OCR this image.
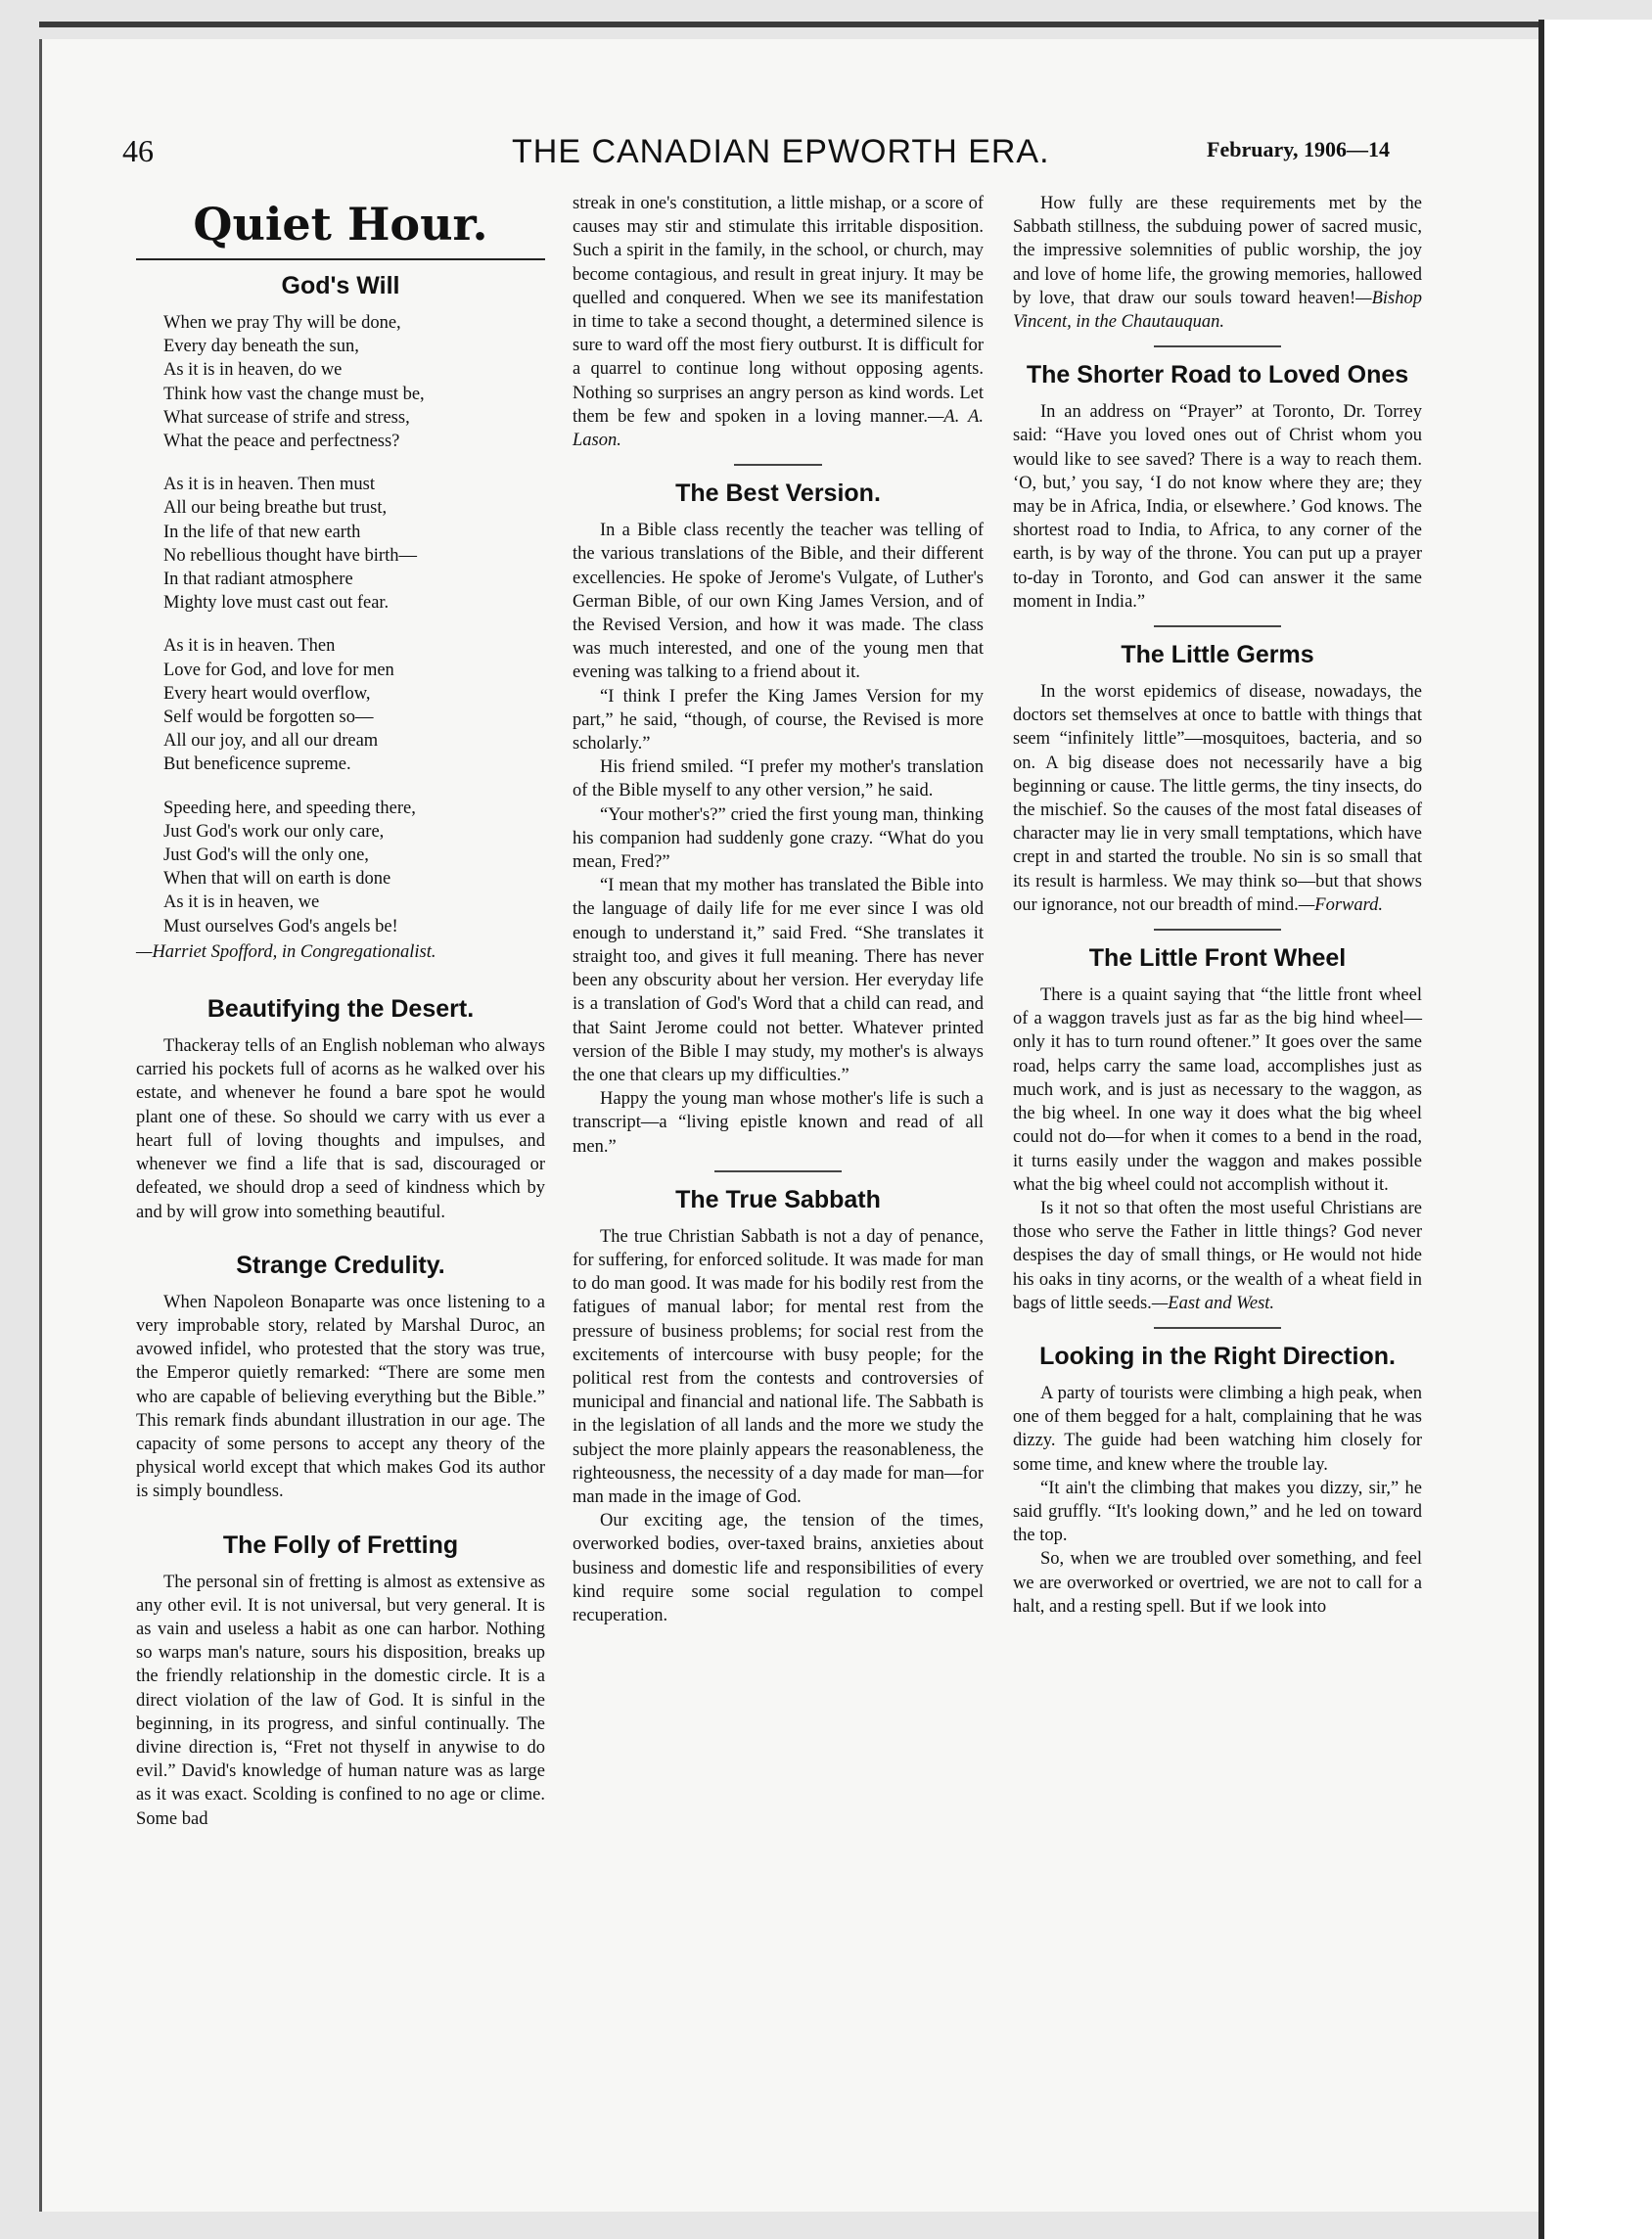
46	THE CANADIAN EPWORTH ERA.	February, 1906—14
Quiet Hour.
God's Will
When we pray Thy will be done,
Every day beneath the sun,
As it is in heaven, do we
Think how vast the change must be,
What surcease of strife and stress,
What the peace and perfectness?
As it is in heaven. Then must
All our being breathe but trust,
In the life of that new earth
No rebellious thought have birth—
In that radiant atmosphere
Mighty love must cast out fear.
As it is in heaven. Then
Love for God, and love for men
Every heart would overflow,
Self would be forgotten so—
All our joy, and all our dream
But beneficence supreme.
Speeding here, and speeding there,
Just God's work our only care,
Just God's will the only one,
When that will on earth is done
As it is in heaven, we
Must ourselves God's angels be!
—Harriet Spofford, in Congregationalist.
Beautifying the Desert.

Thackeray tells of an English nobleman who always carried his pockets full of acorns as he walked over his estate, and whenever he found a bare spot he would plant one of these. So should we carry with us ever a heart full of loving thoughts and impulses, and whenever we find a life that is sad, discouraged or defeated, we should drop a seed of kindness which by and by will grow into something beautiful.

Strange Credulity.

When Napoleon Bonaparte was once listening to a very improbable story, related by Marshal Duroc, an avowed infidel, who protested that the story was true, the Emperor quietly remarked: “There are some men who are capable of believing everything but the Bible.” This remark finds abundant illustration in our age. The capacity of some persons to accept any theory of the physical world except that which makes God its author is simply boundless.

The Folly of Fretting

The personal sin of fretting is almost as extensive as any other evil. It is not universal, but very general. It is as vain and useless a habit as one can harbor. Nothing so warps man's nature, sours his disposition, breaks up the friendly relationship in the domestic circle. It is a direct violation of the law of God. It is sinful in the beginning, in its progress, and sinful continually. The divine direction is, “Fret not thyself in anywise to do evil.” David's knowledge of human nature was as large as it was exact. Scolding is confined to no age or clime. Some bad

streak in one's constitution, a little mishap, or a score of causes may stir and stimulate this irritable disposition. Such a spirit in the family, in the school, or church, may become contagious, and result in great injury. It may be quelled and conquered. When we see its manifestation in time to take a second thought, a determined silence is sure to ward off the most fiery outburst. It is difficult for a quarrel to continue long without opposing agents. Nothing so surprises an angry person as kind words. Let them be few and spoken in a loving manner.—A. A. Lason.

The Best Version.

In a Bible class recently the teacher was telling of the various translations of the Bible, and their different excellencies. He spoke of Jerome's Vulgate, of Luther's German Bible, of our own King James Version, and of the Revised Version, and how it was made. The class was much interested, and one of the young men that evening was talking to a friend about it.

“I think I prefer the King James Version for my part,” he said, “though, of course, the Revised is more scholarly.”

His friend smiled. “I prefer my mother's translation of the Bible myself to any other version,” he said.

“Your mother's?” cried the first young man, thinking his companion had suddenly gone crazy. “What do you mean, Fred?”

“I mean that my mother has translated the Bible into the language of daily life for me ever since I was old enough to understand it,” said Fred. “She translates it straight too, and gives it full meaning. There has never been any obscurity about her version. Her everyday life is a translation of God's Word that a child can read, and that Saint Jerome could not better. Whatever printed version of the Bible I may study, my mother's is always the one that clears up my difficulties.”

Happy the young man whose mother's life is such a transcript—a “living epistle known and read of all men.”

The True Sabbath

The true Christian Sabbath is not a day of penance, for suffering, for enforced solitude. It was made for man to do man good. It was made for his bodily rest from the fatigues of manual labor; for mental rest from the pressure of business problems; for social rest from the excitements of intercourse with busy people; for the political rest from the contests and controversies of municipal and financial and national life. The Sabbath is in the legislation of all lands and the more we study the subject the more plainly appears the reasonableness, the righteousness, the necessity of a day made for man—for man made in the image of God.

Our exciting age, the tension of the times, overworked bodies, over-taxed brains, anxieties about business and domestic life and responsibilities of every kind require some social regulation to compel recuperation.

How fully are these requirements met by the Sabbath stillness, the subduing power of sacred music, the impressive solemnities of public worship, the joy and love of home life, the growing memories, hallowed by love, that draw our souls toward heaven!—Bishop Vincent, in the Chautauquan.

The Shorter Road to Loved Ones

In an address on “Prayer” at Toronto, Dr. Torrey said: “Have you loved ones out of Christ whom you would like to see saved? There is a way to reach them. ‘O, but,’ you say, ‘I do not know where they are; they may be in Africa, India, or elsewhere.’ God knows. The shortest road to India, to Africa, to any corner of the earth, is by way of the throne. You can put up a prayer to-day in Toronto, and God can answer it the same moment in India.”

The Little Germs

In the worst epidemics of disease, nowadays, the doctors set themselves at once to battle with things that seem “infinitely little”—mosquitoes, bacteria, and so on. A big disease does not necessarily have a big beginning or cause. The little germs, the tiny insects, do the mischief. So the causes of the most fatal diseases of character may lie in very small temptations, which have crept in and started the trouble. No sin is so small that its result is harmless. We may think so—but that shows our ignorance, not our breadth of mind.—Forward.

The Little Front Wheel

There is a quaint saying that “the little front wheel of a waggon travels just as far as the big hind wheel—only it has to turn round oftener.” It goes over the same road, helps carry the same load, accomplishes just as much work, and is just as necessary to the waggon, as the big wheel. In one way it does what the big wheel could not do—for when it comes to a bend in the road, it turns easily under the waggon and makes possible what the big wheel could not accomplish without it.

Is it not so that often the most useful Christians are those who serve the Father in little things? God never despises the day of small things, or He would not hide his oaks in tiny acorns, or the wealth of a wheat field in bags of little seeds.—East and West.

Looking in the Right Direction.

A party of tourists were climbing a high peak, when one of them begged for a halt, complaining that he was dizzy. The guide had been watching him closely for some time, and knew where the trouble lay.

“It ain't the climbing that makes you dizzy, sir,” he said gruffly. “It's looking down,” and he led on toward the top.

So, when we are troubled over something, and feel we are overworked or overtried, we are not to call for a halt, and a resting spell. But if we look into
